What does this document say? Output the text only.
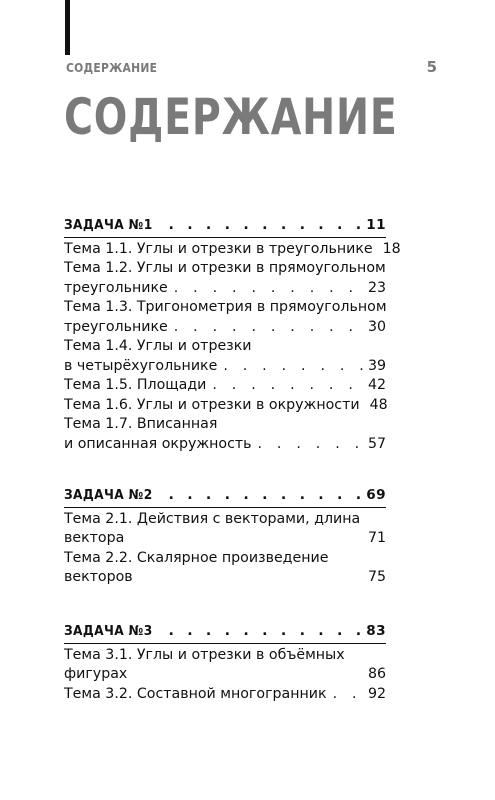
СОДЕРЖАНИЕ	5
СОДЕРЖАНИЕ
ЗАДАЧА №1 . . .	11
Тема 1.1. Углы и отрезки в треугольнике 18
Тема 1.2. Углы и отрезки в прямоугольном
треугольнике . . .	23
Тема 1.3. Тригонометрия в прямоугольном
треугольнике . . .	30
Тема 1.4. Углы и отрезки
в четырёхугольнике . . .	39
Тема 1.5. Площади . . .	42
Тема 1.6. Углы и отрезки в окружности 48
Тема 1.7. Вписанная
и описанная окружность . . .	57
ЗАДАЧА №2 . . .	69
Тема 2.1. Действия с векторами, длина
вектора	71
Тема 2.2. Скалярное произведение
векторов	75
ЗАДАЧА №3 . . .	83
Тема 3.1. Углы и отрезки в объёмных
фигурах	86
Тема 3.2. Составной многогранник . . .	92
